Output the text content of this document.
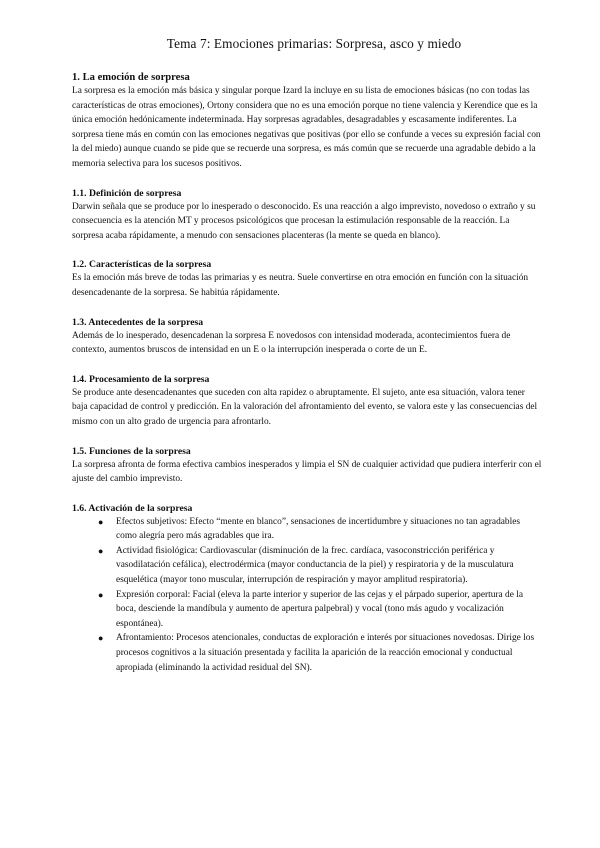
Tema 7: Emociones primarias: Sorpresa, asco y miedo
1. La emoción de sorpresa

La sorpresa es la emoción más básica y singular porque Izard la incluye en su lista de emociones básicas (no con todas las características de otras emociones), Ortony considera que no es una emoción porque no tiene valencia y Kerendice que es la única emoción hedónicamente indeterminada. Hay sorpresas agradables, desagradables y escasamente indiferentes. La sorpresa tiene más en común con las emociones negativas que positivas (por ello se confunde a veces su expresión facial con la del miedo) aunque cuando se pide que se recuerde una sorpresa, es más común que se recuerde una agradable debido a la memoria selectiva para los sucesos positivos.

1.1. Definición de sorpresa

Darwin señala que se produce por lo inesperado o desconocido. Es una reacción a algo imprevisto, novedoso o extraño y su consecuencia es la atención MT y procesos psicológicos que procesan la estimulación responsable de la reacción. La sorpresa acaba rápidamente, a menudo con sensaciones placenteras (la mente se queda en blanco).

1.2. Características de la sorpresa

Es la emoción más breve de todas las primarias y es neutra. Suele convertirse en otra emoción en función con la situación desencadenante de la sorpresa. Se habitúa rápidamente.

1.3. Antecedentes de la sorpresa

Además de lo inesperado, desencadenan la sorpresa E novedosos con intensidad moderada, acontecimientos fuera de contexto, aumentos bruscos de intensidad en un E o la interrupción inesperada o corte de un E.

1.4. Procesamiento de la sorpresa

Se produce ante desencadenantes que suceden con alta rapidez o abruptamente. El sujeto, ante esa situación, valora tener baja capacidad de control y predicción. En la valoración del afrontamiento del evento, se valora este y las consecuencias del mismo con un alto grado de urgencia para afrontarlo.

1.5. Funciones de la sorpresa

La sorpresa afronta de forma efectiva cambios inesperados y limpia el SN de cualquier actividad que pudiera interferir con el ajuste del cambio imprevisto.

1.6. Activación de la sorpresa
● Efectos subjetivos: Efecto “mente en blanco”, sensaciones de incertidumbre y situaciones no tan agradables como alegría pero más agradables que ira.
● Actividad fisiológica: Cardiovascular (disminución de la frec. cardíaca, vasoconstricción periférica y vasodilatación cefálica), electrodérmica (mayor conductancia de la piel) y respiratoria y de la musculatura esquelética (mayor tono muscular, interrupción de respiración y mayor amplitud respiratoria).
● Expresión corporal: Facial (eleva la parte interior y superior de las cejas y el párpado superior, apertura de la boca, desciende la mandíbula y aumento de apertura palpebral) y vocal (tono más agudo y vocalización espontánea).
● Afrontamiento: Procesos atencionales, conductas de exploración e interés por situaciones novedosas. Dirige los procesos cognitivos a la situación presentada y facilita la aparición de la reacción emocional y conductual apropiada (eliminando la actividad residual del SN).
